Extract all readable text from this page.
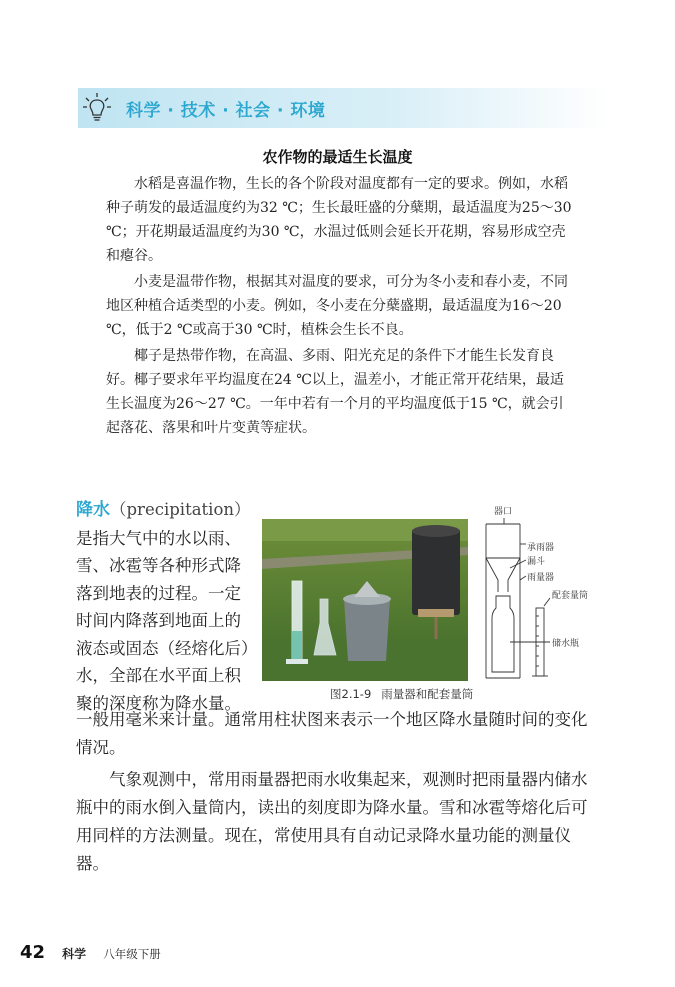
科学 · 技术 · 社会 · 环境
农作物的最适生长温度

水稻是喜温作物，生长的各个阶段对温度都有一定的要求。例如，水稻种子萌发的最适温度约为32 ℃；生长最旺盛的分蘖期，最适温度为25～30 ℃；开花期最适温度约为30 ℃，水温过低则会延长开花期，容易形成空壳和瘪谷。

小麦是温带作物，根据其对温度的要求，可分为冬小麦和春小麦，不同地区种植合适类型的小麦。例如，冬小麦在分蘖盛期，最适温度为16～20 ℃，低于2 ℃或高于30 ℃时，植株会生长不良。

椰子是热带作物，在高温、多雨、阳光充足的条件下才能生长发育良好。椰子要求年平均温度在24 ℃以上，温差小，才能正常开花结果，最适生长温度为26～27 ℃。一年中若有一个月的平均温度低于15 ℃，就会引起落花、落果和叶片变黄等症状。

降水（precipitation）
是指大气中的水以雨、
雪、冰雹等各种形式降
落到地表的过程。一定
时间内降落到地面上的
液态或固态（经熔化后）
水，全部在水平面上积
聚的深度称为降水量。
器口
承雨器
漏斗
雨量器
配套量筒
储水瓶
图2.1-9 雨量器和配套量筒

一般用毫米来计量。通常用柱状图来表示一个地区降水量随时间的变化情况。

气象观测中，常用雨量器把雨水收集起来，观测时把雨量器内储水瓶中的雨水倒入量筒内，读出的刻度即为降水量。雪和冰雹等熔化后可用同样的方法测量。现在，常使用具有自动记录降水量功能的测量仪器。

42 科学 八年级下册
